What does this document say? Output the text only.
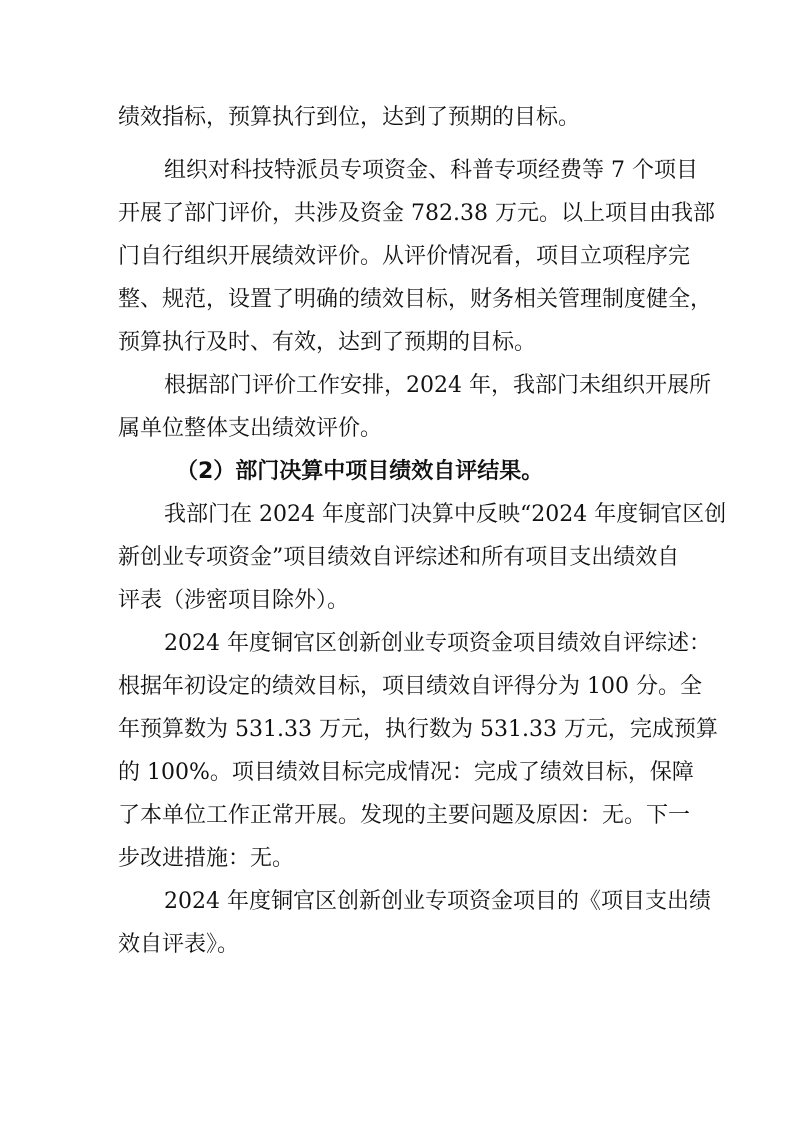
绩效指标，预算执行到位，达到了预期的目标。
组织对科技特派员专项资金、科普专项经费等 7 个项目
开展了部门评价，共涉及资金 782.38 万元。以上项目由我部
门自行组织开展绩效评价。从评价情况看，项目立项程序完
整、规范，设置了明确的绩效目标，财务相关管理制度健全，
预算执行及时、有效，达到了预期的目标。
根据部门评价工作安排，2024 年，我部门未组织开展所
属单位整体支出绩效评价。
（2）部门决算中项目绩效自评结果。
我部门在 2024 年度部门决算中反映“2024 年度铜官区创
新创业专项资金”项目绩效自评综述和所有项目支出绩效自
评表（涉密项目除外）。
2024 年度铜官区创新创业专项资金项目绩效自评综述：
根据年初设定的绩效目标，项目绩效自评得分为 100 分。全
年预算数为 531.33 万元，执行数为 531.33 万元，完成预算
的 100%。项目绩效目标完成情况：完成了绩效目标，保障
了本单位工作正常开展。发现的主要问题及原因：无。下一
步改进措施：无。
2024 年度铜官区创新创业专项资金项目的《项目支出绩
效自评表》。
